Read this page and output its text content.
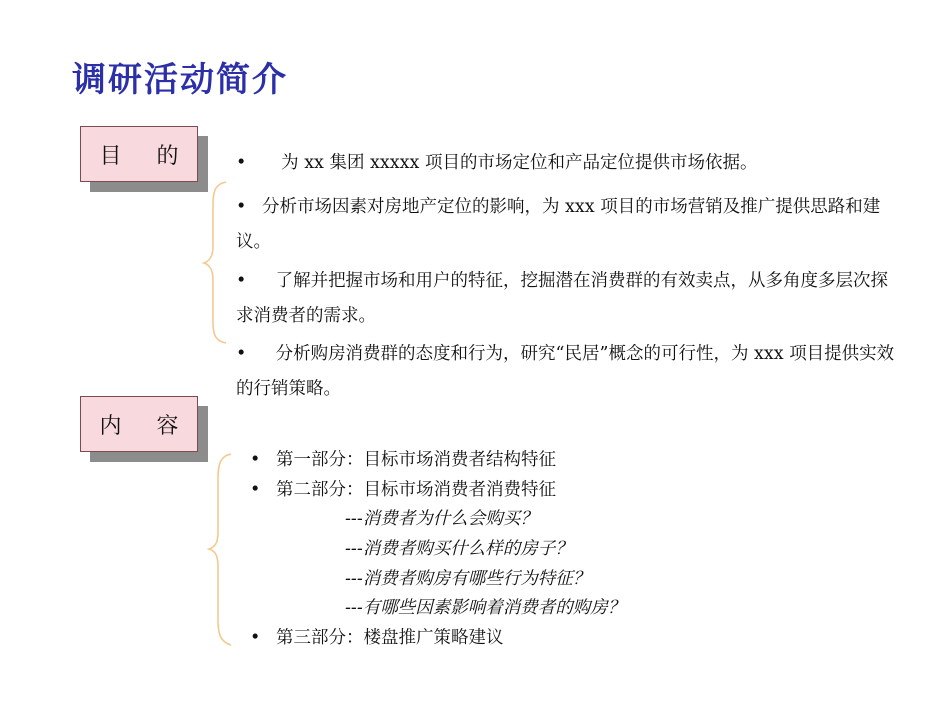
调研活动简介
目 的
内 容
•  为 xx 集团 xxxxx 项目的市场定位和产品定位提供市场依据。
• 分析市场因素对房地产定位的影响，为 xxx 项目的市场营销及推广提供思路和建议。
• 了解并把握市场和用户的特征，挖掘潜在消费群的有效卖点，从多角度多层次探求消费者的需求。
• 分析购房消费群的态度和行为，研究“民居”概念的可行性，为 xxx 项目提供实效的行销策略。
• 第一部分：目标市场消费者结构特征
• 第二部分：目标市场消费者消费特征
---消费者为什么会购买？
---消费者购买什么样的房子？
---消费者购房有哪些行为特征？
---有哪些因素影响着消费者的购房？
• 第三部分：楼盘推广策略建议
